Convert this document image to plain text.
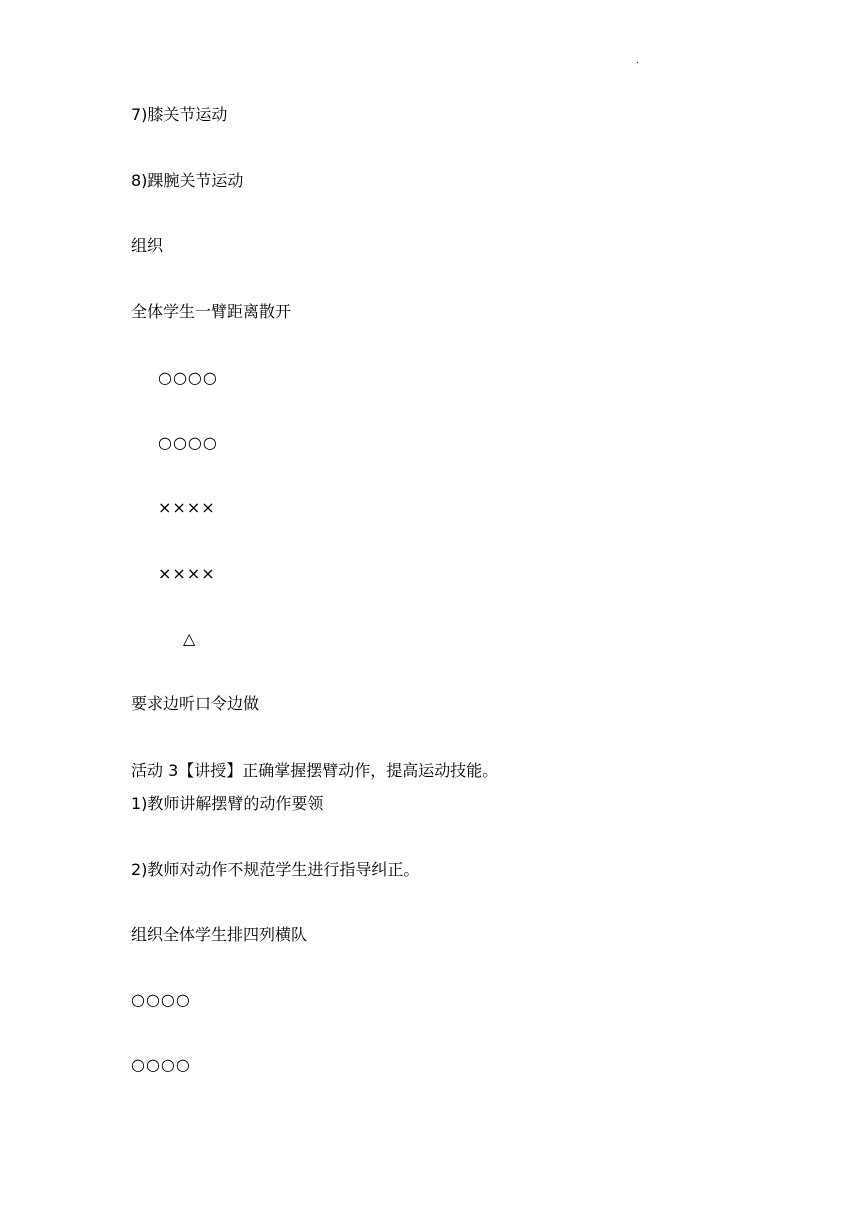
.

7)膝关节运动

8)踝腕关节运动

组织

全体学生一臂距离散开

○○○○

○○○○

××××

××××

△

要求边听口令边做

活动 3【讲授】正确掌握摆臂动作，提高运动技能。

1)教师讲解摆臂的动作要领

2)教师对动作不规范学生进行指导纠正。

组织全体学生排四列横队

○○○○

○○○○
